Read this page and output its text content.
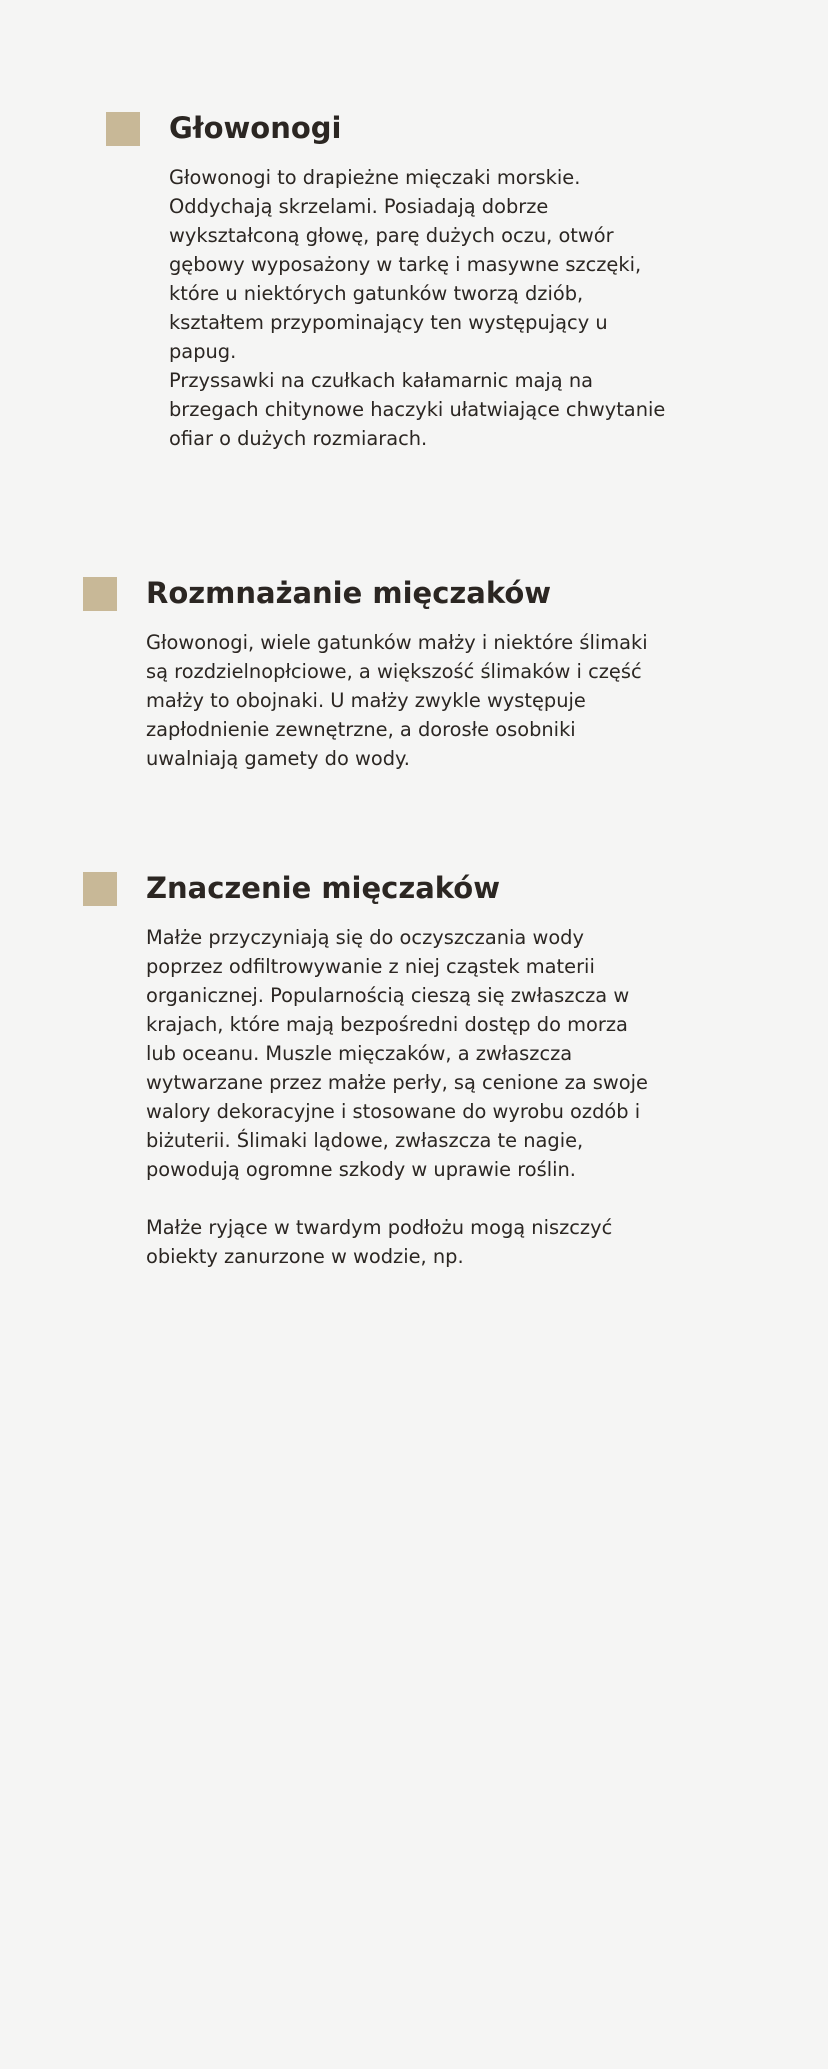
Głowonogi
Głowonogi to drapieżne mięczaki morskie.
Oddychają skrzelami. Posiadają dobrze
wykształconą głowę, parę dużych oczu, otwór
gębowy wyposażony w tarkę i masywne szczęki,
które u niektórych gatunków tworzą dziób,
kształtem przypominający ten występujący u
papug.
Przyssawki na czułkach kałamarnic mają na
brzegach chitynowe haczyki ułatwiające chwytanie
ofiar o dużych rozmiarach.
Rozmnażanie mięczaków
Głowonogi, wiele gatunków małży i niektóre ślimaki
są rozdzielnopłciowe, a większość ślimaków i część
małży to obojnaki. U małży zwykle występuje
zapłodnienie zewnętrzne, a dorosłe osobniki
uwalniają gamety do wody.
Znaczenie mięczaków
Małże przyczyniają się do oczyszczania wody
poprzez odfiltrowywanie z niej cząstek materii
organicznej. Popularnością cieszą się zwłaszcza w
krajach, które mają bezpośredni dostęp do morza
lub oceanu. Muszle mięczaków, a zwłaszcza
wytwarzane przez małże perły, są cenione za swoje
walory dekoracyjne i stosowane do wyrobu ozdób i
biżuterii. Ślimaki lądowe, zwłaszcza te nagie,
powodują ogromne szkody w uprawie roślin.
Małże ryjące w twardym podłożu mogą niszczyć
obiekty zanurzone w wodzie, np.
